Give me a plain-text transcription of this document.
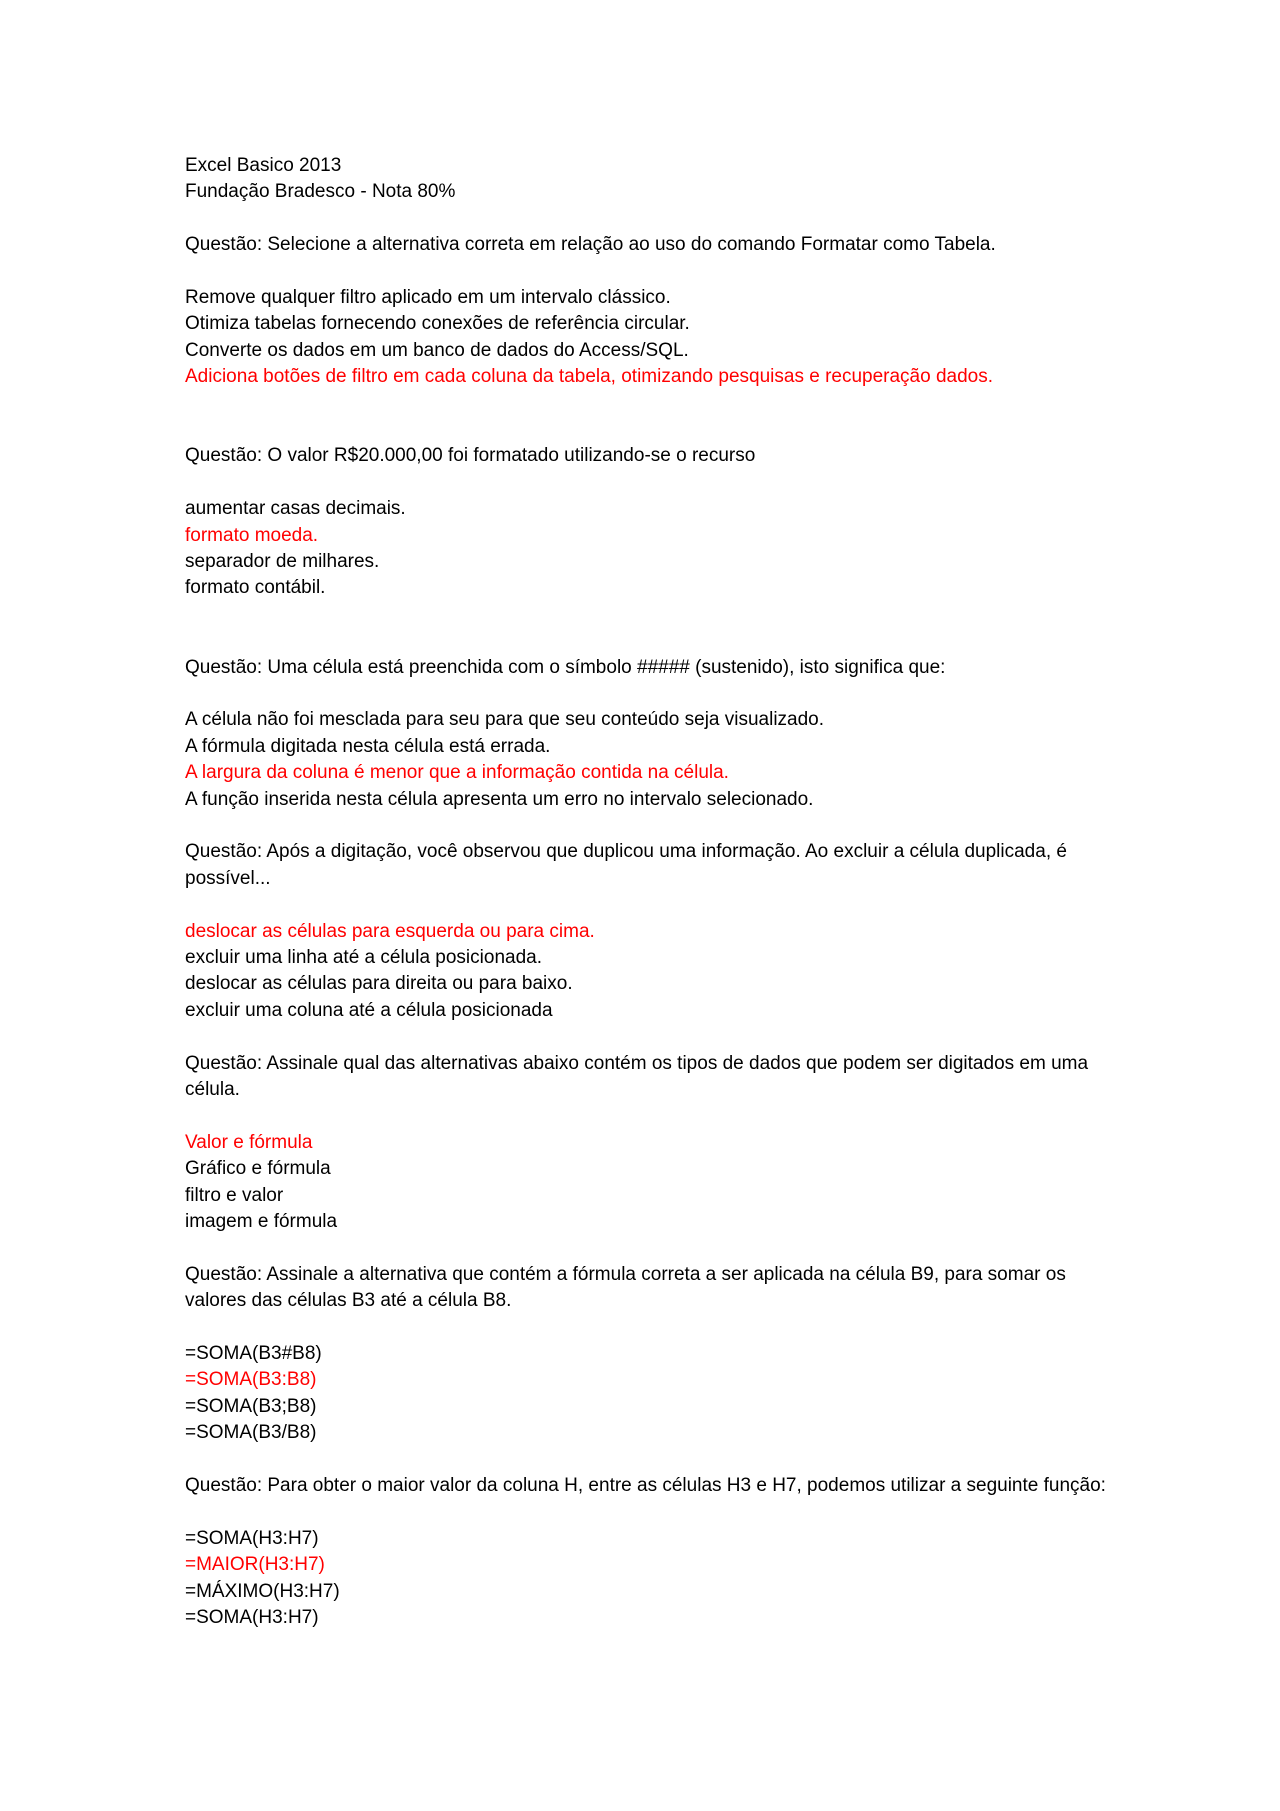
Excel Basico 2013

Fundação Bradesco - Nota 80%

Questão: Selecione a alternativa correta em relação ao uso do comando Formatar como Tabela.

Remove qualquer filtro aplicado em um intervalo clássico.

Otimiza tabelas fornecendo conexões de referência circular.

Converte os dados em um banco de dados do Access/SQL.

Adiciona botões de filtro em cada coluna da tabela, otimizando pesquisas e recuperação dados.

Questão: O valor R$20.000,00 foi formatado utilizando-se o recurso

aumentar casas decimais.

formato moeda.

separador de milhares.

formato contábil.

Questão: Uma célula está preenchida com o símbolo ##### (sustenido), isto significa que:

A célula não foi mesclada para seu para que seu conteúdo seja visualizado.

A fórmula digitada nesta célula está errada.

A largura da coluna é menor que a informação contida na célula.

A função inserida nesta célula apresenta um erro no intervalo selecionado.

Questão: Após a digitação, você observou que duplicou uma informação. Ao excluir a célula duplicada, é possível...

deslocar as células para esquerda ou para cima.

excluir uma linha até a célula posicionada.

deslocar as células para direita ou para baixo.

excluir uma coluna até a célula posicionada

Questão: Assinale qual das alternativas abaixo contém os tipos de dados que podem ser digitados em uma célula.

Valor e fórmula

Gráfico e fórmula

filtro e valor

imagem e fórmula

Questão: Assinale a alternativa que contém a fórmula correta a ser aplicada na célula B9, para somar os valores das células B3 até a célula B8.

=SOMA(B3#B8)

=SOMA(B3:B8)

=SOMA(B3;B8)

=SOMA(B3/B8)

Questão: Para obter o maior valor da coluna H, entre as células H3 e H7, podemos utilizar a seguinte função:

=SOMA(H3:H7)

=MAIOR(H3:H7)

=MÁXIMO(H3:H7)

=SOMA(H3:H7)
